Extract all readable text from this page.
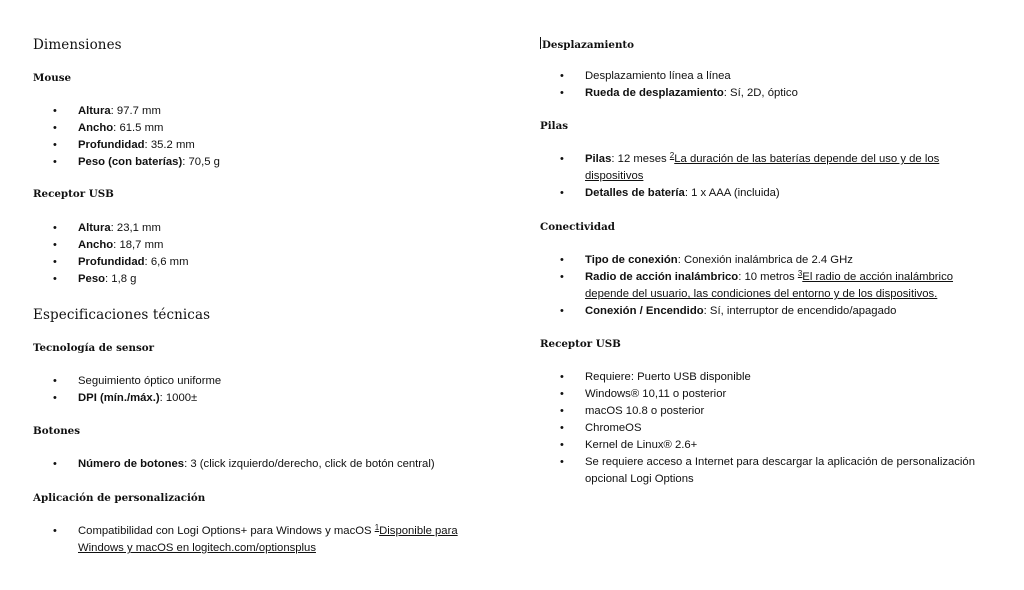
Dimensiones
Mouse
• Altura: 97.7 mm
• Ancho: 61.5 mm
• Profundidad: 35.2 mm
• Peso (con baterías): 70,5 g
Receptor USB
• Altura: 23,1 mm
• Ancho: 18,7 mm
• Profundidad: 6,6 mm
• Peso: 1,8 g
Especificaciones técnicas
Tecnología de sensor
• Seguimiento óptico uniforme
• DPI (mín./máx.): 1000±
Botones
• Número de botones: 3 (click izquierdo/derecho, click de botón central)
Aplicación de personalización
• Compatibilidad con Logi Options+ para Windows y macOS $^1$Disponible para Windows y macOS en logitech.com/optionsplus
Desplazamiento
• Desplazamiento línea a línea
• Rueda de desplazamiento: Sí, 2D, óptico
Pilas
• Pilas: 12 meses $^2$La duración de las baterías depende del uso y de los dispositivos
• Detalles de batería: 1 x AAA (incluida)
Conectividad
• Tipo de conexión: Conexión inalámbrica de 2.4 GHz
• Radio de acción inalámbrico: 10 metros $^3$El radio de acción inalámbrico depende del usuario, las condiciones del entorno y de los dispositivos.
• Conexión / Encendido: Sí, interruptor de encendido/apagado
Receptor USB
• Requiere: Puerto USB disponible
• Windows® 10,11 o posterior
• macOS 10.8 o posterior
• ChromeOS
• Kernel de Linux® 2.6+
• Se requiere acceso a Internet para descargar la aplicación de personalización opcional Logi Options
